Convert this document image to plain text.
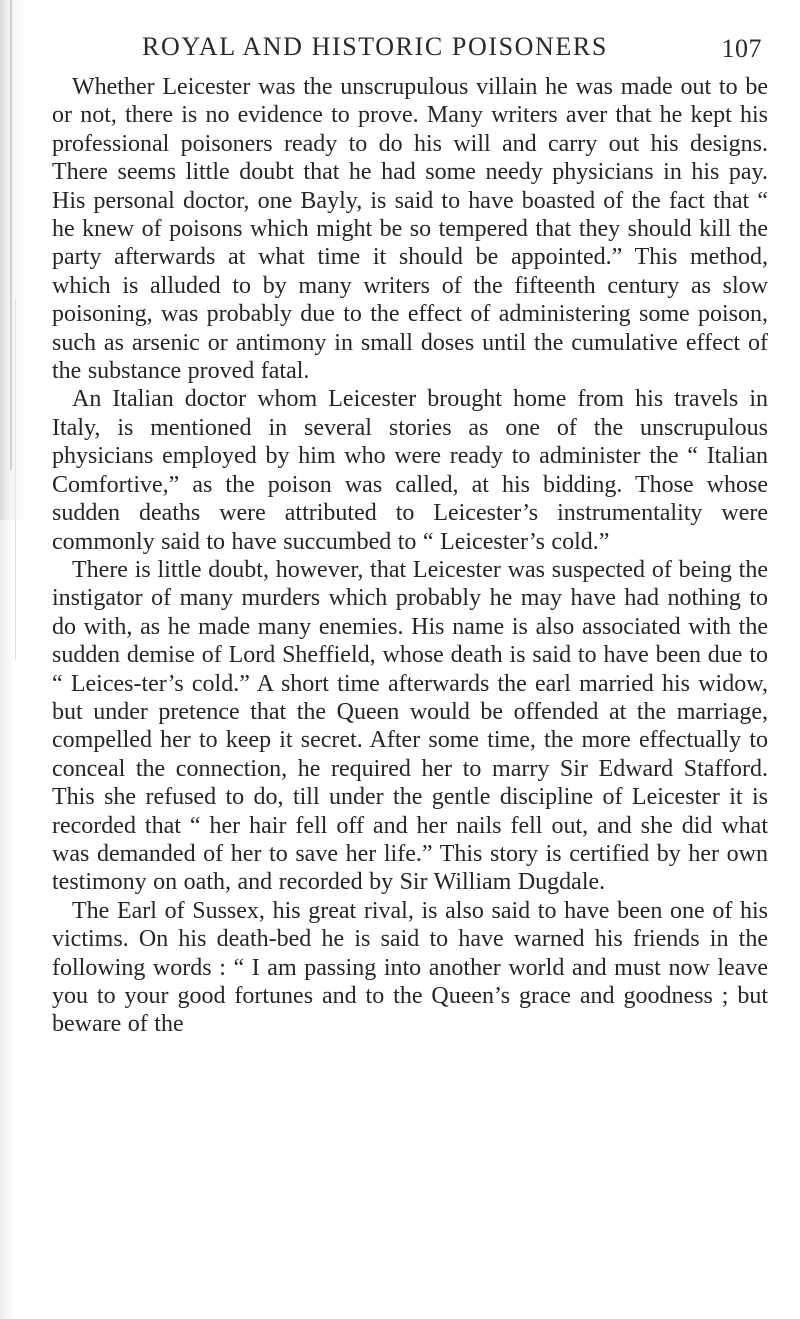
ROYAL AND HISTORIC POISONERS	107

Whether Leicester was the unscrupulous villain he was made out to be or not, there is no evidence to prove. Many writers aver that he kept his professional poisoners ready to do his will and carry out his designs. There seems little doubt that he had some needy physicians in his pay. His personal doctor, one Bayly, is said to have boasted of the fact that “ he knew of poisons which might be so tempered that they should kill the party afterwards at what time it should be appointed.” This method, which is alluded to by many writers of the fifteenth century as slow poisoning, was probably due to the effect of administering some poison, such as arsenic or antimony in small doses until the cumulative effect of the substance proved fatal.

An Italian doctor whom Leicester brought home from his travels in Italy, is mentioned in several stories as one of the unscrupulous physicians employed by him who were ready to administer the “ Italian Comfortive,” as the poison was called, at his bidding. Those whose sudden deaths were attributed to Leicester’s instrumentality were commonly said to have succumbed to “ Leicester’s cold.”

There is little doubt, however, that Leicester was suspected of being the instigator of many murders which probably he may have had nothing to do with, as he made many enemies. His name is also associated with the sudden demise of Lord Sheffield, whose death is said to have been due to “ Leices-ter’s cold.” A short time afterwards the earl married his widow, but under pretence that the Queen would be offended at the marriage, compelled her to keep it secret. After some time, the more effectually to conceal the connection, he required her to marry Sir Edward Stafford. This she refused to do, till under the gentle discipline of Leicester it is recorded that “ her hair fell off and her nails fell out, and she did what was demanded of her to save her life.” This story is certified by her own testimony on oath, and recorded by Sir William Dugdale.

The Earl of Sussex, his great rival, is also said to have been one of his victims. On his death-bed he is said to have warned his friends in the following words : “ I am passing into another world and must now leave you to your good fortunes and to the Queen’s grace and goodness ; but beware of the
